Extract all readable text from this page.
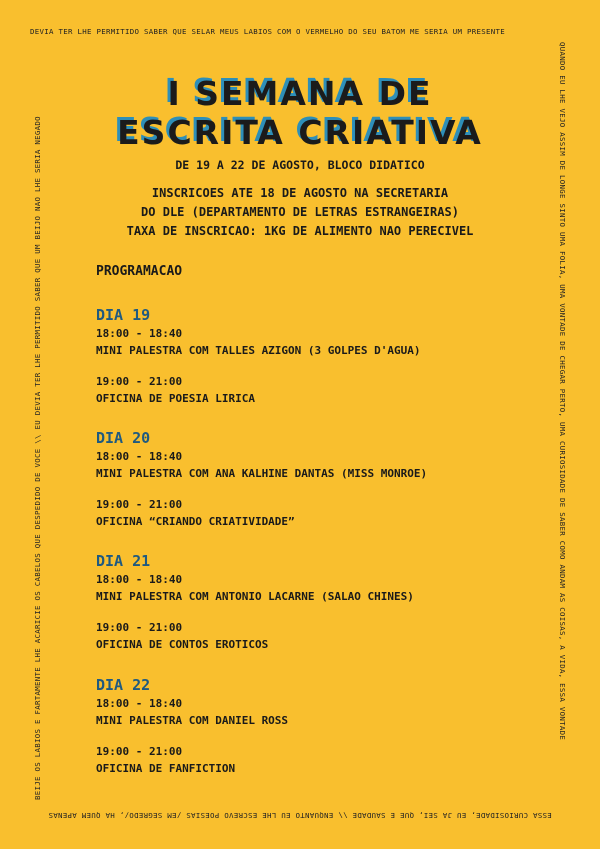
DEVIA TER LHE PERMITIDO SABER QUE SELAR MEUS LABIOS COM O VERMELHO DO SEU BATOM ME SERIA UM PRESENTE
QUANDO EU LHE VEJO ASSIM DE LONGE SINTO UMA FOLIA, UMA VONTADE DE CHEGAR PERTO, UMA CURIOSIDADE DE SABER COMO ANDAM AS COISAS, A VIDA, ESSA VONTADE
ESSA CURIOSIDADE, EU JA SEI, QUE E SAUDADE \\ ENQUANTO EU LHE ESCREVO POESIAS /EM SEGREDO/, HA QUEM APENAS
BEIJE OS LABIOS E FARTAMENTE LHE ACARICIE OS CABELOS QUE DESPEDIDO DE VOCE \\ EU DEVIA TER LHE PERMITIDO SABER QUE UM BEIJO NAO LHE SERIA NEGADO
I SEMANA DE
ESCRITA CRIATIVA
DE 19 A 22 DE AGOSTO, BLOCO DIDATICO
INSCRICOES ATE 18 DE AGOSTO NA SECRETARIA
DO DLE (DEPARTAMENTO DE LETRAS ESTRANGEIRAS)
TAXA DE INSCRICAO: 1KG DE ALIMENTO NAO PERECIVEL
PROGRAMACAO
DIA 19
18:00 - 18:40
MINI PALESTRA COM TALLES AZIGON (3 GOLPES D'AGUA)
19:00 - 21:00
OFICINA DE POESIA LIRICA
DIA 20
18:00 - 18:40
MINI PALESTRA COM ANA KALHINE DANTAS (MISS MONROE)
19:00 - 21:00
OFICINA “CRIANDO CRIATIVIDADE”
DIA 21
18:00 - 18:40
MINI PALESTRA COM ANTONIO LACARNE (SALAO CHINES)
19:00 - 21:00
OFICINA DE CONTOS EROTICOS
DIA 22
18:00 - 18:40
MINI PALESTRA COM DANIEL ROSS
19:00 - 21:00
OFICINA DE FANFICTION
